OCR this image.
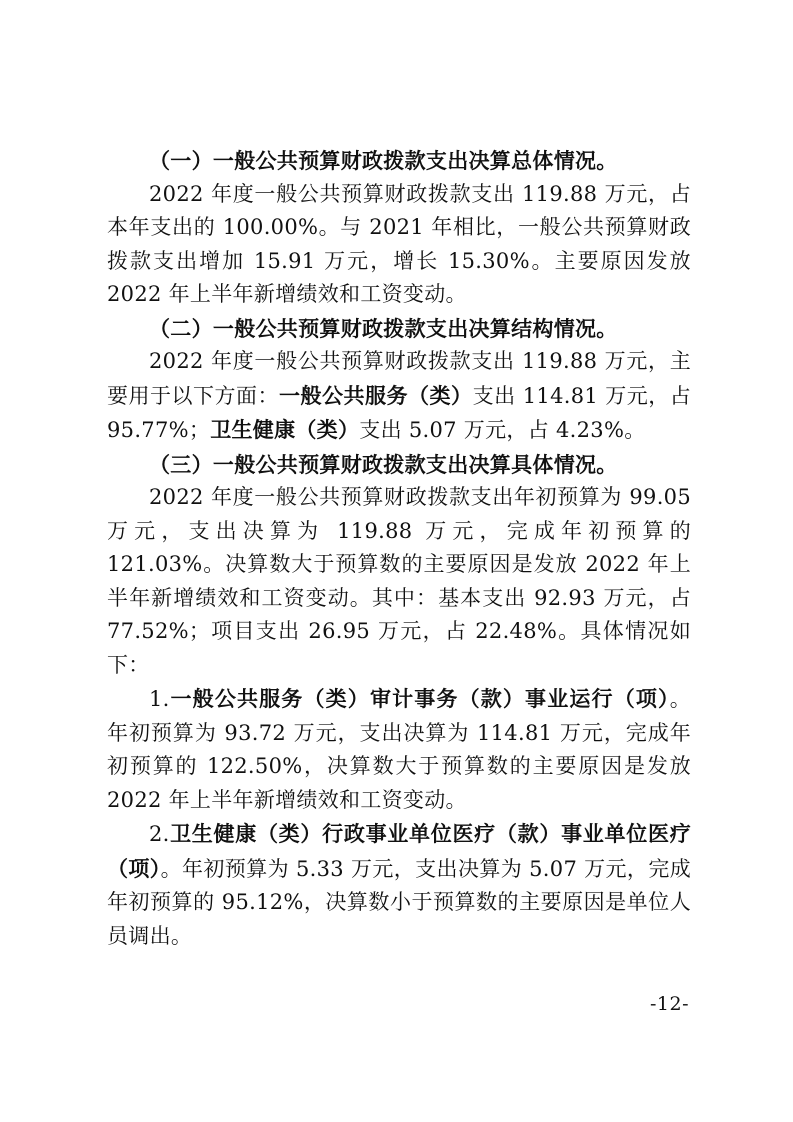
（一）一般公共预算财政拨款支出决算总体情况。

2022 年度一般公共预算财政拨款支出 119.88 万元，占本年支出的 100.00%。与 2021 年相比，一般公共预算财政拨款支出增加 15.91 万元，增长 15.30%。主要原因发放 2022 年上半年新增绩效和工资变动。

（二）一般公共预算财政拨款支出决算结构情况。

2022 年度一般公共预算财政拨款支出 119.88 万元，主要用于以下方面：一般公共服务（类）支出 114.81 万元，占 95.77%；卫生健康（类）支出 5.07 万元，占 4.23%。

（三）一般公共预算财政拨款支出决算具体情况。

2022 年度一般公共预算财政拨款支出年初预算为 99.05 万元，支出决算为 119.88 万元，完成年初预算的 121.03%。决算数大于预算数的主要原因是发放 2022 年上半年新增绩效和工资变动。其中：基本支出 92.93 万元，占 77.52%；项目支出 26.95 万元，占 22.48%。具体情况如下：

1.一般公共服务（类）审计事务（款）事业运行（项）。年初预算为 93.72 万元，支出决算为 114.81 万元，完成年初预算的 122.50%，决算数大于预算数的主要原因是发放 2022 年上半年新增绩效和工资变动。

2.卫生健康（类）行政事业单位医疗（款）事业单位医疗（项）。年初预算为 5.33 万元，支出决算为 5.07 万元，完成年初预算的 95.12%，决算数小于预算数的主要原因是单位人员调出。

-12-
